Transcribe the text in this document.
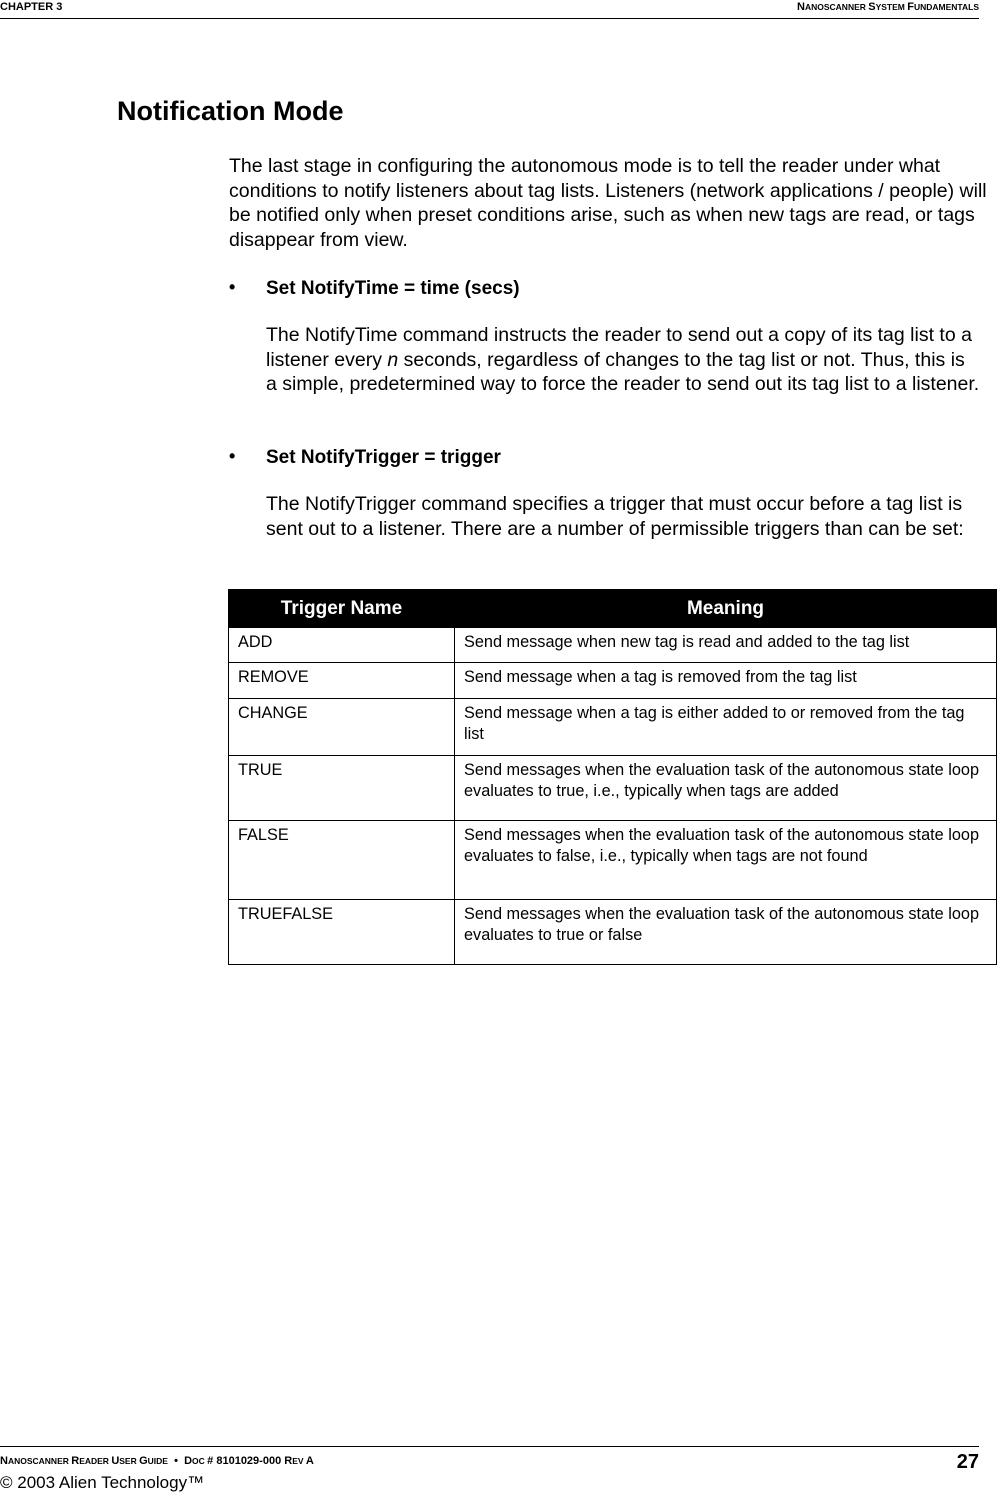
CHAPTER 3	NANOSCANNER SYSTEM FUNDAMENTALS
Notification Mode

The last stage in configuring the autonomous mode is to tell the reader under what conditions to notify listeners about tag lists. Listeners (network applications / people) will be notified only when preset conditions arise, such as when new tags are read, or tags disappear from view.

• Set NotifyTime = time (secs)

The NotifyTime command instructs the reader to send out a copy of its tag list to a listener every n seconds, regardless of changes to the tag list or not. Thus, this is a simple, predetermined way to force the reader to send out its tag list to a listener.

• Set NotifyTrigger = trigger

The NotifyTrigger command specifies a trigger that must occur before a tag list is sent out to a listener. There are a number of permissible triggers than can be set:

Trigger Name	Meaning
ADD	Send message when new tag is read and added to the tag list
REMOVE	Send message when a tag is removed from the tag list
CHANGE	Send message when a tag is either added to or removed from the tag list
TRUE	Send messages when the evaluation task of the autonomous state loop evaluates to true, i.e., typically when tags are added
FALSE	Send messages when the evaluation task of the autonomous state loop evaluates to false, i.e., typically when tags are not found
TRUEFALSE	Send messages when the evaluation task of the autonomous state loop evaluates to true or false
NANOSCANNER READER USER GUIDE • DOC # 8101029-000 REV A	27
© 2003 Alien Technology™
